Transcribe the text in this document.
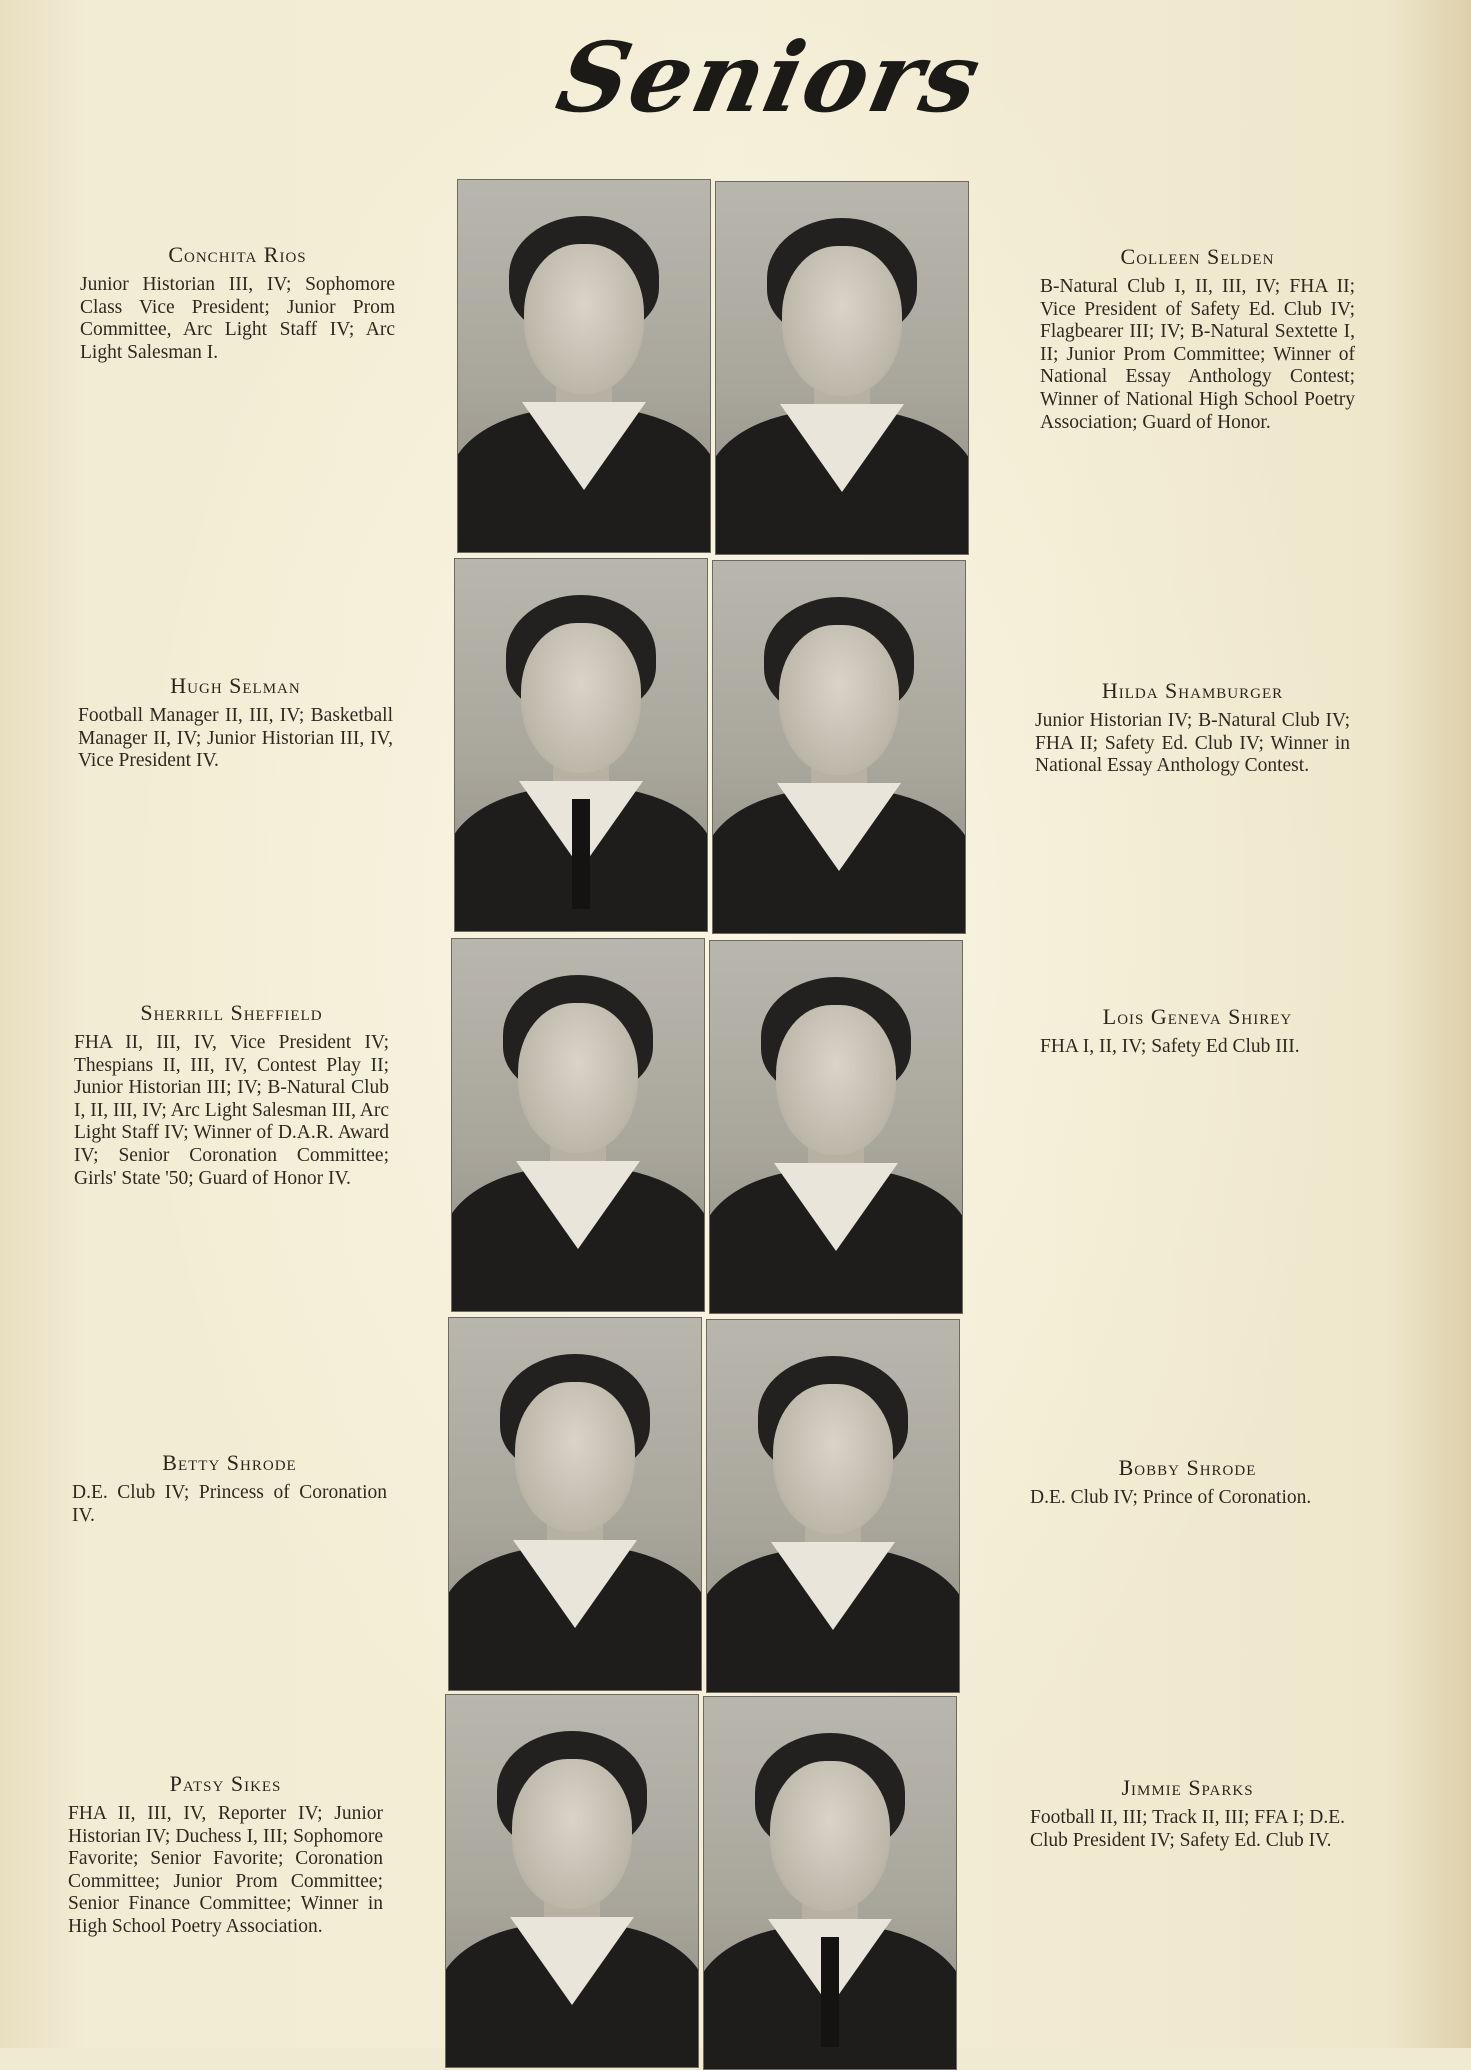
Seniors
Conchita Rios
Junior Historian III, IV; Sophomore Class Vice President; Junior Prom Committee, Arc Light Staff IV; Arc Light Salesman I.
Hugh Selman
Football Manager II, III, IV; Basketball Manager II, IV; Junior Historian III, IV, Vice President IV.
Sherrill Sheffield
FHA II, III, IV, Vice President IV; Thespians II, III, IV, Contest Play II; Junior Historian III; IV; B-Natural Club I, II, III, IV; Arc Light Salesman III, Arc Light Staff IV; Winner of D.A.R. Award IV; Senior Coronation Committee; Girls' State '50; Guard of Honor IV.
Betty Shrode
D.E. Club IV; Princess of Coronation IV.
Patsy Sikes
FHA II, III, IV, Reporter IV; Junior Historian IV; Duchess I, III; Sophomore Favorite; Senior Favorite; Coronation Committee; Junior Prom Committee; Senior Finance Committee; Winner in High School Poetry Association.
Colleen Selden
B-Natural Club I, II, III, IV; FHA II; Vice President of Safety Ed. Club IV; Flagbearer III; IV; B-Natural Sextette I, II; Junior Prom Committee; Winner of National Essay Anthology Contest; Winner of National High School Poetry Association; Guard of Honor.
Hilda Shamburger
Junior Historian IV; B-Natural Club IV; FHA II; Safety Ed. Club IV; Winner in National Essay Anthology Contest.
Lois Geneva Shirey
FHA I, II, IV; Safety Ed Club III.
Bobby Shrode
D.E. Club IV; Prince of Coronation.
Jimmie Sparks
Football II, III; Track II, III; FFA I; D.E. Club President IV; Safety Ed. Club IV.
